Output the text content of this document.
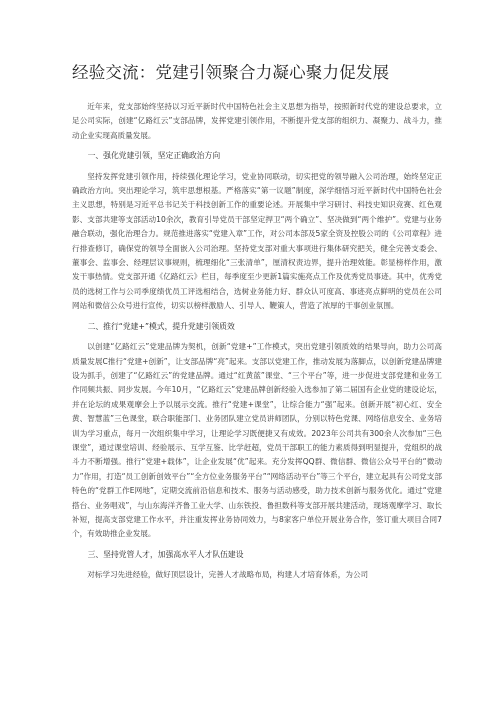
经验交流：党建引领聚合力凝心聚力促发展

近年来，党支部始终坚持以习近平新时代中国特色社会主义思想为指导，按照新时代党的建设总要求，立足公司实际，创建“亿路红云”支部品牌，发挥党建引领作用，不断提升党支部的组织力、凝聚力、战斗力，推动企业实现高质量发展。

一、强化党建引领，坚定正确政治方向

坚持发挥党建引领作用，持续强化理论学习，党业协同联动，切实把党的领导融入公司治理，始终坚定正确政治方向。突出理论学习，筑牢思想根基。严格落实“第一议题”制度，深学细悟习近平新时代中国特色社会主义思想，特别是习近平总书记关于科技创新工作的重要论述。开展集中学习研讨、科技史知识竞赛、红色观影、支部共建等支部活动10余次，教育引导党员干部坚定捍卫“两个确立”、坚决做到“两个维护”。党建与业务融合联动，强化治理合力。规范推进落实“党建入章”工作，对公司本部及5家全资及控股公司的《公司章程》进行排查修订，确保党的领导全面嵌入公司治理。坚持党支部对重大事项进行集体研究把关，健全完善支委会、董事会、监事会、经理层议事规则，梳理细化“三张清单”，厘清权责边界，提升治理效能。彰显榜样作用，激发干事热情。党支部开通《亿路红云》栏目，每季度至少更新1篇实施亮点工作及优秀党员事迹。其中，优秀党员的选树工作与公司季度绩优员工评选相结合，选树业务能力好、群众认可度高、事迹亮点鲜明的党员在公司网站和微信公众号进行宣传，切实以榜样激励人、引导人、鞭策人，营造了浓厚的干事创业氛围。

二、推行“党建+”模式，提升党建引领质效

以创建“亿路红云”党建品牌为契机，创新“党建+”工作模式，突出党建引领质效的结果导向，助力公司高质量发展C推行“党建+创新”，让支部品牌“亮”起来。支部以党建工作，推动发展为落脚点，以创新党建品牌建设为抓手，创建了“亿路红云”的党建品牌。通过“红黄蓝”课堂、“三个平台”等，进一步促进支部党建和业务工作同频共振、同步发展。今年10月，“亿路红云”党建品牌创新经验入选参加了第二届国有企业党的建设论坛，并在论坛的成果观摩会上予以展示交流。推行“党建+课堂”，让综合能力“强”起来。创新开展“初心红、安全黄、智慧蓝”三色课堂，联合职能部门、业务团队建立党员讲师团队，分别以特色党课、网络信息安全、业务培训为学习重点，每月一次组织集中学习，让理论学习既便捷又有成效。2023年公司共有300余人次参加“三色课堂”，通过课堂培训、经验展示、互学互鉴、比学赶超，党员干部职工的能力素质得到明显提升，党组织的战斗力不断增强。推行“党建+载体”，让企业发展“优”起来。充分发挥QQ群、微信群、微信公众号平台的“微动力”作用，打造“员工创新创效平台”“全方位业务服务平台”“网络活动平台”等三个平台，建立起具有公司党支部特色的“党群工作E网地”，定期交流前沿信息和技术、服务与活动感受，助力技术创新与服务优化。通过“党建搭台、业务唱戏”，与山东海洋齐鲁工业大学、山东铁投、鲁担数科等支部开展共建活动，现场观摩学习、取长补短，提高支部党建工作水平，并注重发挥业务协同效力，与8家客户单位开展业务合作，签订重大项目合同7个，有效助推企业发展。

三、坚持党管人才，加强高水平人才队伍建设

对标学习先进经验，做好顶层设计，完善人才战略布局，构建人才培育体系，为公司
